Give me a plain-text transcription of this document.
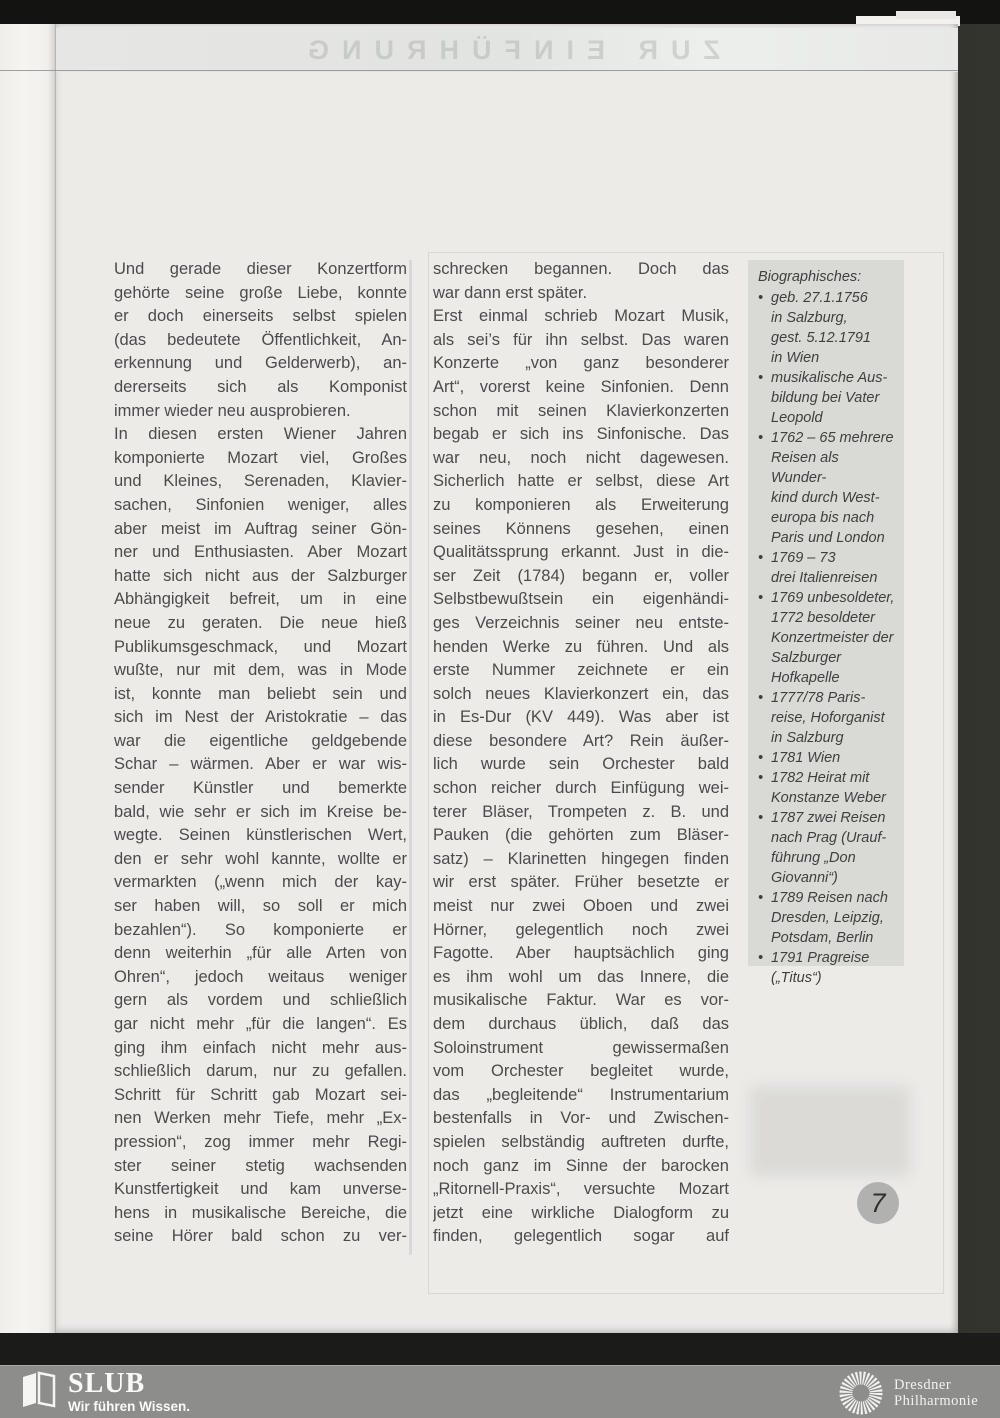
ZUR EINFÜHRUNG
Und gerade dieser Konzertform
gehörte seine große Liebe, konnte
er doch einerseits selbst spielen
(das bedeutete Öffentlichkeit, An-
erkennung und Gelderwerb), an-
dererseits sich als Komponist
immer wieder neu ausprobieren.
In diesen ersten Wiener Jahren
komponierte Mozart viel, Großes
und Kleines, Serenaden, Klavier-
sachen, Sinfonien weniger, alles
aber meist im Auftrag seiner Gön-
ner und Enthusiasten. Aber Mozart
hatte sich nicht aus der Salzburger
Abhängigkeit befreit, um in eine
neue zu geraten. Die neue hieß
Publikumsgeschmack, und Mozart
wußte, nur mit dem, was in Mode
ist, konnte man beliebt sein und
sich im Nest der Aristokratie – das
war die eigentliche geldgebende
Schar – wärmen. Aber er war wis-
sender Künstler und bemerkte
bald, wie sehr er sich im Kreise be-
wegte. Seinen künstlerischen Wert,
den er sehr wohl kannte, wollte er
vermarkten („wenn mich der kay-
ser haben will, so soll er mich
bezahlen“). So komponierte er
denn weiterhin „für alle Arten von
Ohren“, jedoch weitaus weniger
gern als vordem und schließlich
gar nicht mehr „für die langen“. Es
ging ihm einfach nicht mehr aus-
schließlich darum, nur zu gefallen.
Schritt für Schritt gab Mozart sei-
nen Werken mehr Tiefe, mehr „Ex-
pression“, zog immer mehr Regi-
ster seiner stetig wachsenden
Kunstfertigkeit und kam unverse-
hens in musikalische Bereiche, die
seine Hörer bald schon zu ver-
schrecken begannen. Doch das
war dann erst später.
Erst einmal schrieb Mozart Musik,
als sei’s für ihn selbst. Das waren
Konzerte „von ganz besonderer
Art“, vorerst keine Sinfonien. Denn
schon mit seinen Klavierkonzerten
begab er sich ins Sinfonische. Das
war neu, noch nicht dagewesen.
Sicherlich hatte er selbst, diese Art
zu komponieren als Erweiterung
seines Könnens gesehen, einen
Qualitätssprung erkannt. Just in die-
ser Zeit (1784) begann er, voller
Selbstbewußtsein ein eigenhändi-
ges Verzeichnis seiner neu entste-
henden Werke zu führen. Und als
erste Nummer zeichnete er ein
solch neues Klavierkonzert ein, das
in Es-Dur (KV 449). Was aber ist
diese besondere Art? Rein äußer-
lich wurde sein Orchester bald
schon reicher durch Einfügung wei-
terer Bläser, Trompeten z. B. und
Pauken (die gehörten zum Bläser-
satz) – Klarinetten hingegen finden
wir erst später. Früher besetzte er
meist nur zwei Oboen und zwei
Hörner, gelegentlich noch zwei
Fagotte. Aber hauptsächlich ging
es ihm wohl um das Innere, die
musikalische Faktur. War es vor-
dem durchaus üblich, daß das
Soloinstrument gewissermaßen
vom Orchester begleitet wurde,
das „begleitende“ Instrumentarium
bestenfalls in Vor- und Zwischen-
spielen selbständig auftreten durfte,
noch ganz im Sinne der barocken
„Ritornell-Praxis“, versuchte Mozart
jetzt eine wirkliche Dialogform zu
finden, gelegentlich sogar auf
Biographisches:
• geb. 27.1.1756
in Salzburg,
gest. 5.12.1791
in Wien
• musikalische Aus-
bildung bei Vater
Leopold
• 1762 – 65 mehrere
Reisen als Wunder-
kind durch West-
europa bis nach
Paris und London
• 1769 – 73
drei Italienreisen
• 1769 unbesoldeter,
1772 besoldeter
Konzertmeister der
Salzburger
Hofkapelle
• 1777/78 Paris-
reise, Hoforganist
in Salzburg
• 1781 Wien
• 1782 Heirat mit
Konstanze Weber
• 1787 zwei Reisen
nach Prag (Urauf-
führung „Don
Giovanni“)
• 1789 Reisen nach
Dresden, Leipzig,
Potsdam, Berlin
• 1791 Pragreise
(„Titus“)
7
SLUB
Wir führen Wissen.
Dresdner
Philharmonie
